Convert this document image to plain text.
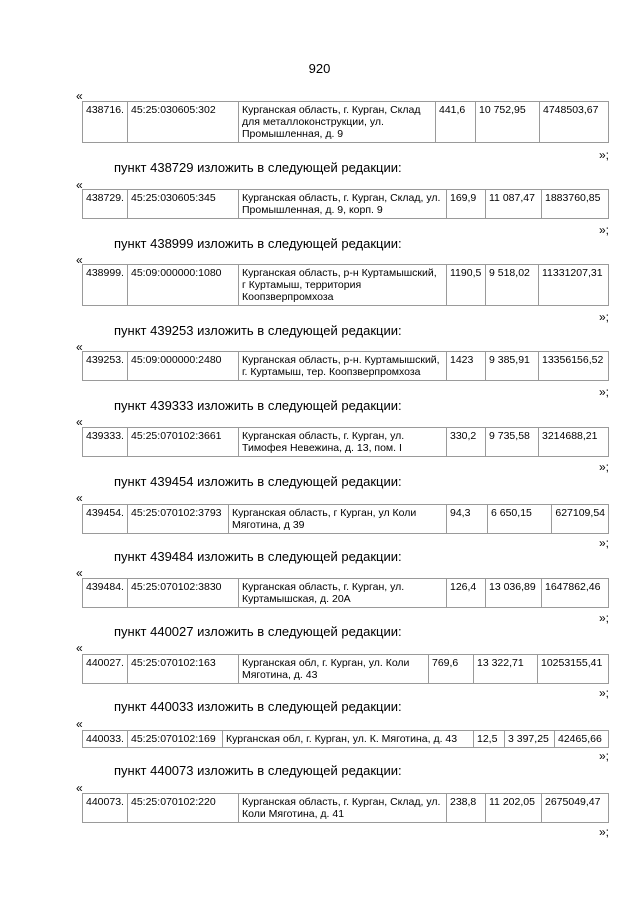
920
«
438716.	45:25:030605:302	Курганская область, г. Курган, Склад для металлоконструкции, ул. Промышленная, д. 9	441,6	10 752,95	4748503,67
»;
пункт 438729 изложить в следующей редакции:
«
438729.	45:25:030605:345	Курганская область, г. Курган, Склад, ул. Промышленная, д. 9, корп. 9	169,9	11 087,47	1883760,85
»;
пункт 438999 изложить в следующей редакции:
«
438999.	45:09:000000:1080	Курганская область, р-н Куртамышский, г Куртамыш, территория Коопзверпромхоза	1190,5	9 518,02	11331207,31
»;
пункт 439253 изложить в следующей редакции:
«
439253.	45:09:000000:2480	Курганская область, р-н. Куртамышский, г. Куртамыш, тер. Коопзверпромхоза	1423	9 385,91	13356156,52
»;
пункт 439333 изложить в следующей редакции:
«
439333.	45:25:070102:3661	Курганская область, г. Курган, ул. Тимофея Невежина, д. 13, пом. I	330,2	9 735,58	3214688,21
»;
пункт 439454 изложить в следующей редакции:
«
439454.	45:25:070102:3793	Курганская область, г Курган, ул Коли Мяготина, д 39	94,3	6 650,15	627109,54
»;
пункт 439484 изложить в следующей редакции:
«
439484.	45:25:070102:3830	Курганская область, г. Курган, ул. Куртамышская, д. 20А	126,4	13 036,89	1647862,46
»;
пункт 440027 изложить в следующей редакции:
«
440027.	45:25:070102:163	Курганская обл, г. Курган, ул. Коли Мяготина, д. 43	769,6	13 322,71	10253155,41
»;
пункт 440033 изложить в следующей редакции:
«
440033.	45:25:070102:169	Курганская обл, г. Курган, ул. К. Мяготина, д. 43	12,5	3 397,25	42465,66
»;
пункт 440073 изложить в следующей редакции:
«
440073.	45:25:070102:220	Курганская область, г. Курган, Склад, ул. Коли Мяготина, д. 41	238,8	11 202,05	2675049,47
»;
